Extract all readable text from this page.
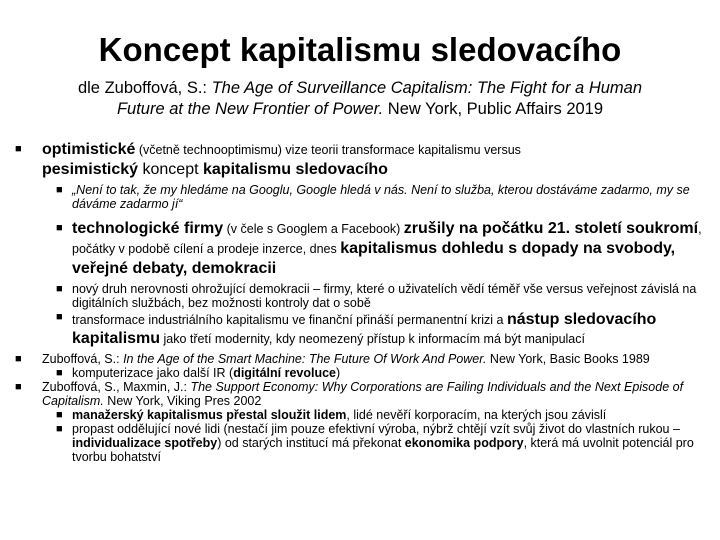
Koncept kapitalismu sledovacího
dle Zuboffová, S.: The Age of Surveillance Capitalism: The Fight for a Human Future at the New Frontier of Power. New York, Public Affairs 2019
■ optimistické (včetně technooptimismu) vize teorii transformace kapitalismu versus
pesimistický koncept kapitalismu sledovacího
■ „Není to tak, že my hledáme na Googlu, Google hledá v nás. Není to služba, kterou dostáváme zadarmo, my se dáváme zadarmo jí“
■ technologické firmy (v čele s Googlem a Facebook) zrušily na počátku 21. století soukromí, počátky v podobě cílení a prodeje inzerce, dnes kapitalismus dohledu s dopady na svobody, veřejné debaty, demokracii
■ nový druh nerovnosti ohrožující demokracii – firmy, které o uživatelích vědí téměř vše versus veřejnost závislá na digitálních službách, bez možnosti kontroly dat o sobě
■ transformace industriálního kapitalismu ve finanční přináší permanentní krizi a nástup sledovacího kapitalismu jako třetí modernity, kdy neomezený přístup k informacím má být manipulací
■ Zuboffová, S.: In the Age of the Smart Machine: The Future Of Work And Power. New York, Basic Books 1989
■ komputerizace jako další IR (digitální revoluce)
■ Zuboffová, S., Maxmin, J.: The Support Economy: Why Corporations are Failing Individuals and the Next Episode of Capitalism. New York, Viking Pres 2002
■ manažerský kapitalismus přestal sloužit lidem, lidé nevěří korporacím, na kterých jsou závislí
■ propast oddělující nové lidi (nestačí jim pouze efektivní výroba, nýbrž chtějí vzít svůj život do vlastních rukou – individualizace spotřeby) od starých institucí má překonat ekonomika podpory, která má uvolnit potenciál pro tvorbu bohatství
